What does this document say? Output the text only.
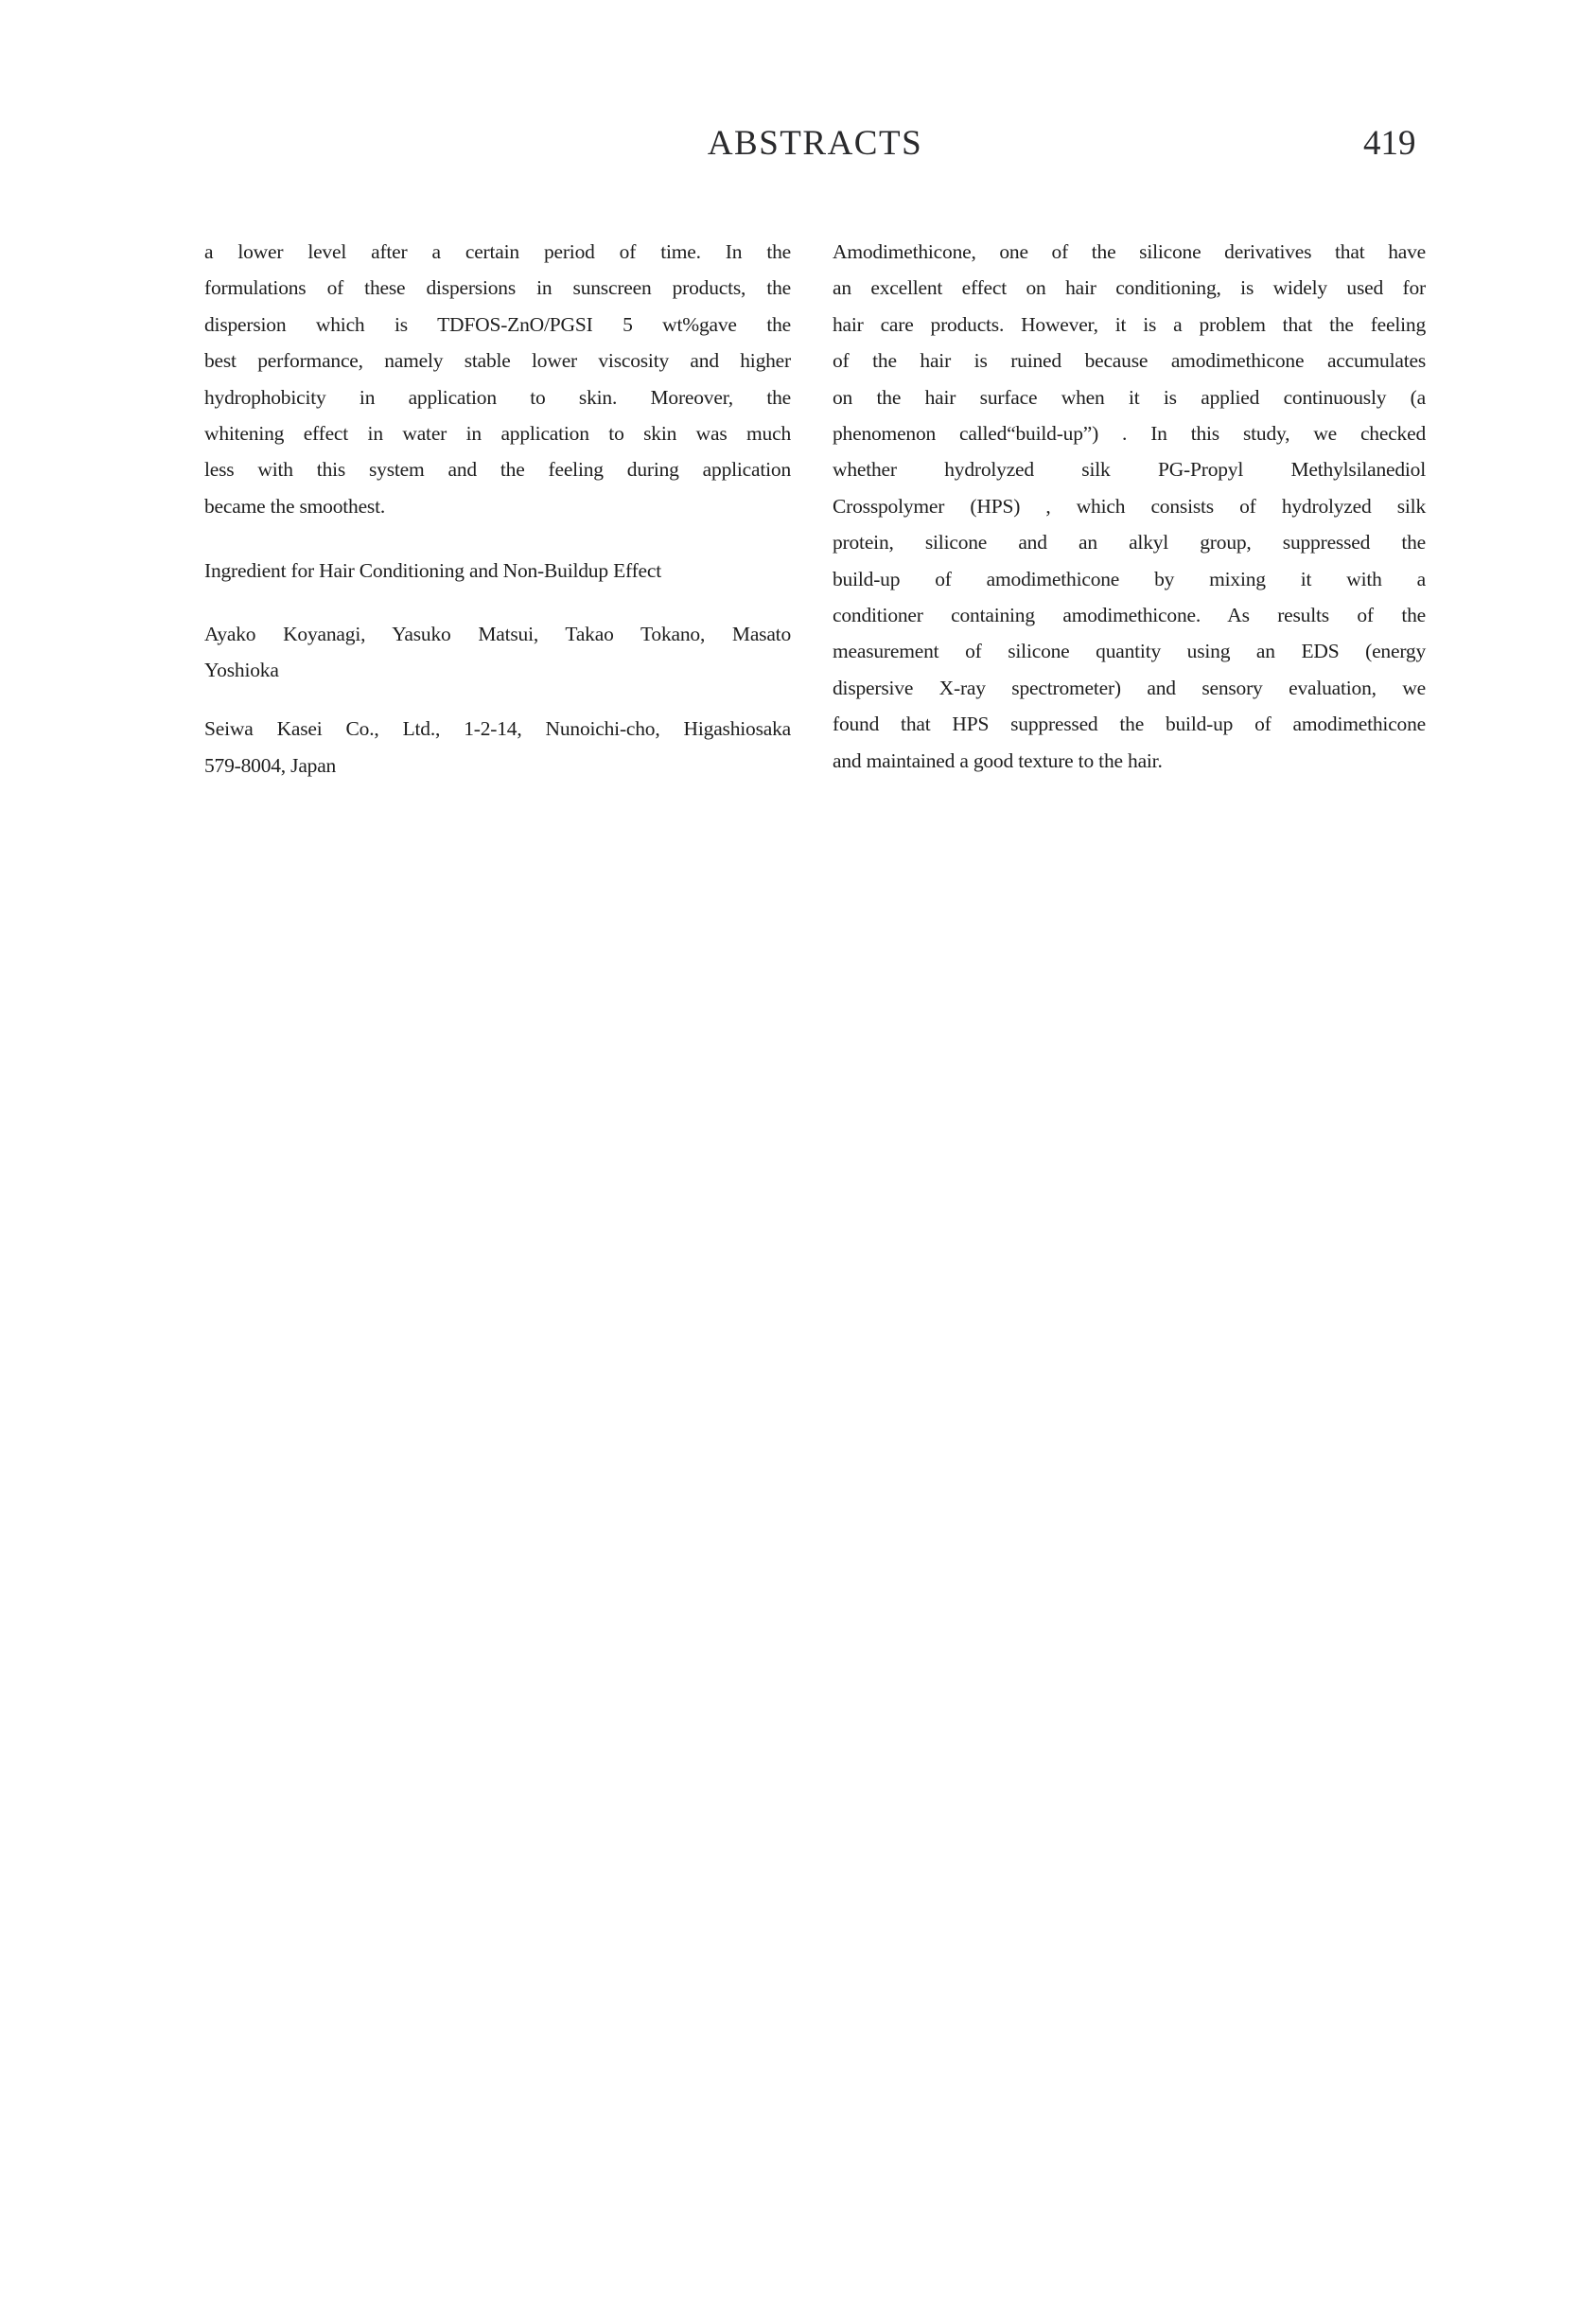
ABSTRACTS	419
a lower level after a certain period of time. In the
formulations of these dispersions in sunscreen products, the
dispersion which is TDFOS-ZnO/PGSI 5 wt%gave the
best performance, namely stable lower viscosity and higher
hydrophobicity in application to skin. Moreover, the
whitening effect in water in application to skin was much
less with this system and the feeling during application
became the smoothest.
Ingredient for Hair Conditioning and Non-Buildup Effect
Ayako Koyanagi, Yasuko Matsui, Takao Tokano, Masato
Yoshioka
Seiwa Kasei Co., Ltd., 1-2-14, Nunoichi-cho, Higashiosaka
579-8004, Japan
Amodimethicone, one of the silicone derivatives that have
an excellent effect on hair conditioning, is widely used for
hair care products. However, it is a problem that the feeling
of the hair is ruined because amodimethicone accumulates
on the hair surface when it is applied continuously (a
phenomenon called“build-up”) . In this study, we checked
whether hydrolyzed silk PG-Propyl Methylsilanediol
Crosspolymer (HPS) , which consists of hydrolyzed silk
protein, silicone and an alkyl group, suppressed the
build-up of amodimethicone by mixing it with a
conditioner containing amodimethicone. As results of the
measurement of silicone quantity using an EDS (energy
dispersive X-ray spectrometer) and sensory evaluation, we
found that HPS suppressed the build-up of amodimethicone
and maintained a good texture to the hair.
